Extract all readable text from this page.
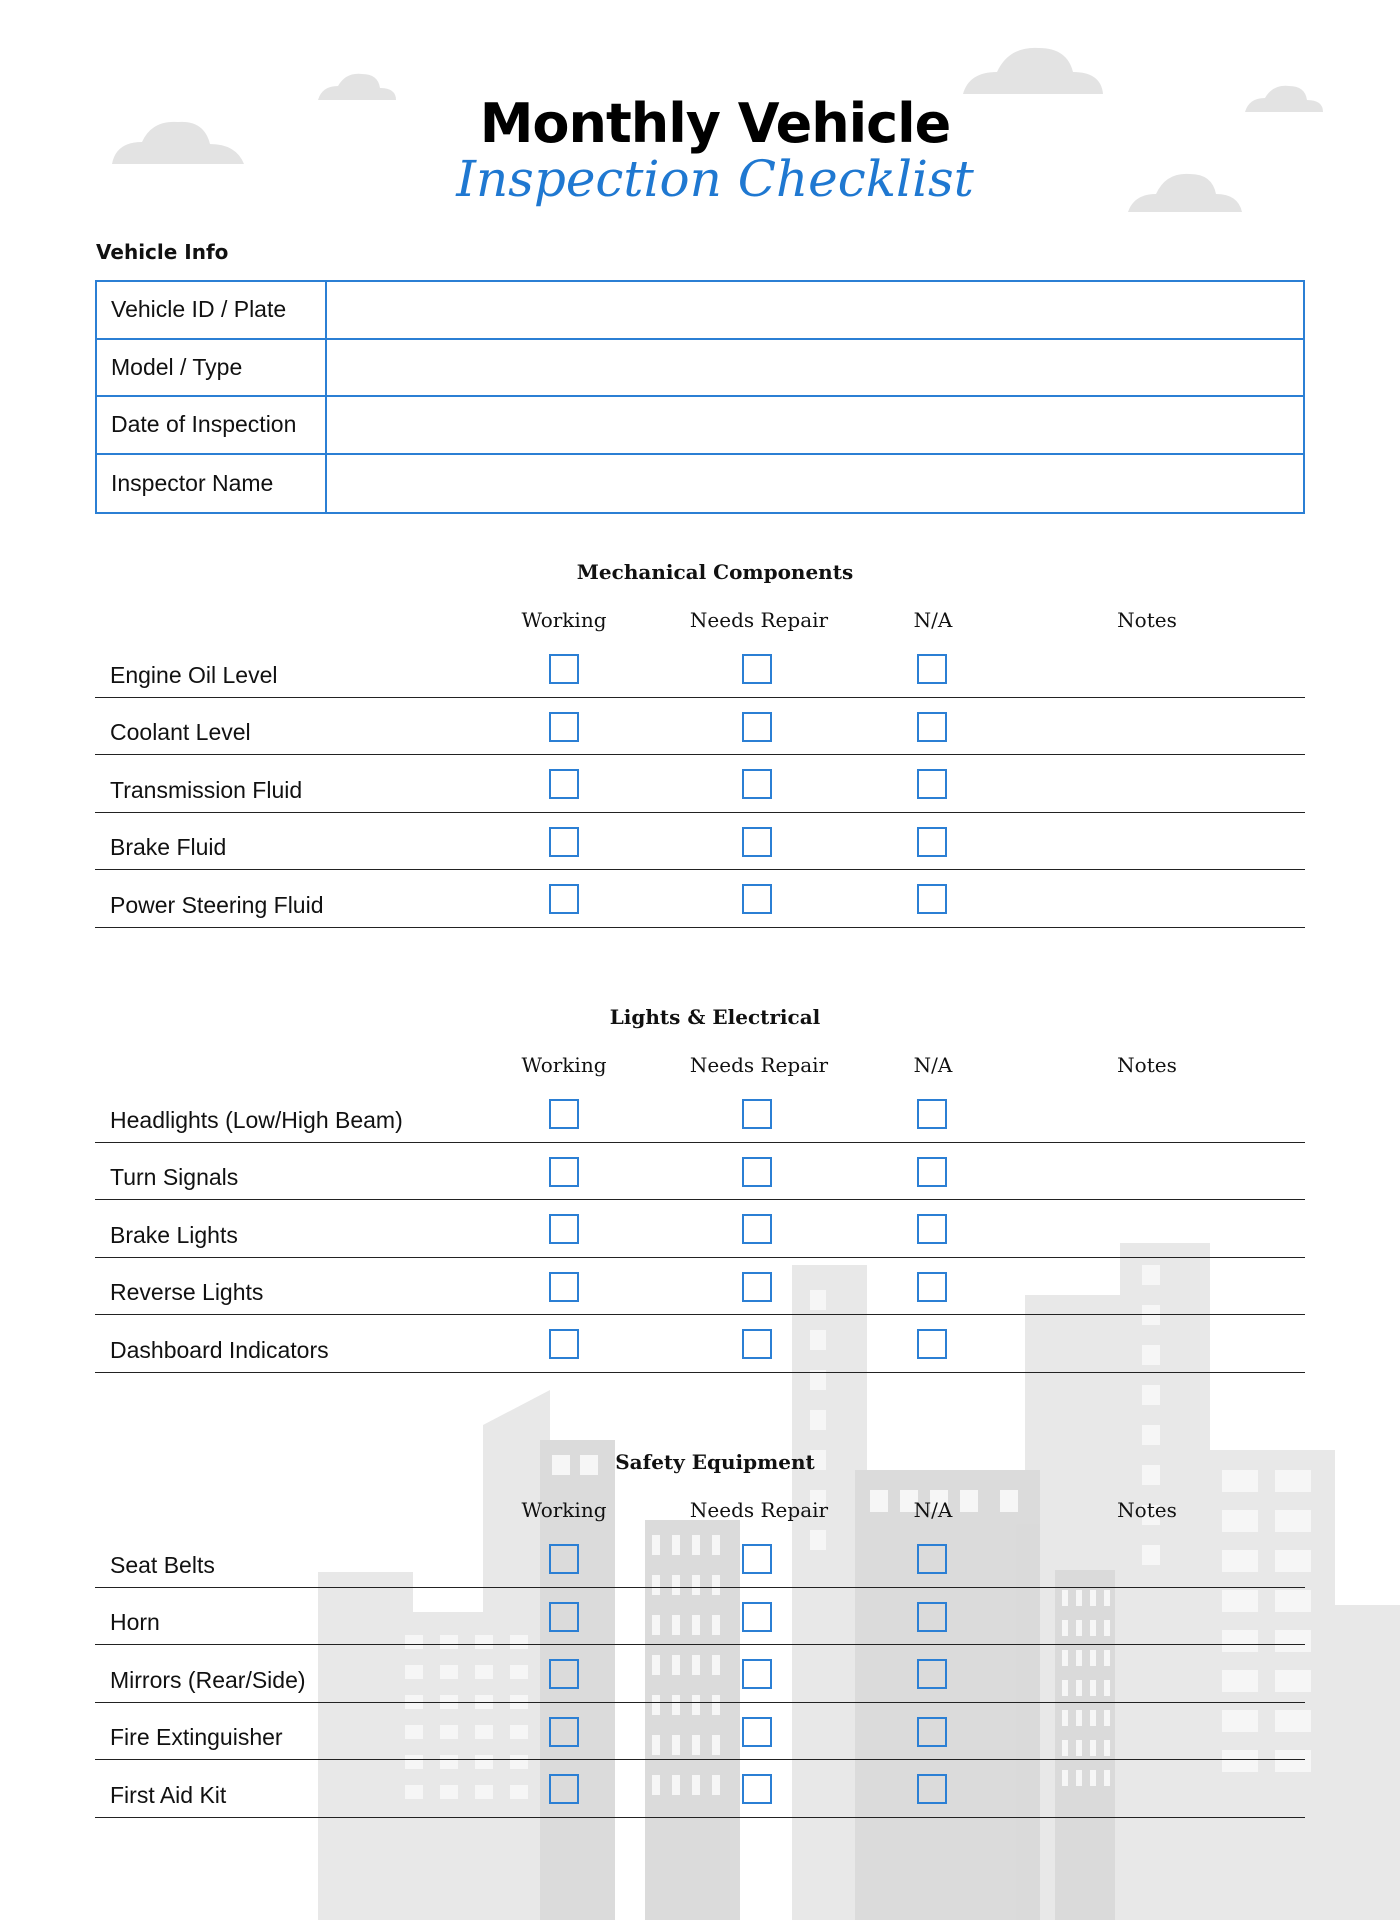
Monthly Vehicle
Inspection Checklist
Vehicle Info
Vehicle ID / Plate
Model / Type
Date of Inspection
Inspector Name
Mechanical Components
Working	Needs Repair	N/A	Notes
Engine Oil Level
Coolant Level
Transmission Fluid
Brake Fluid
Power Steering Fluid
Lights & Electrical
Working	Needs Repair	N/A	Notes
Headlights (Low/High Beam)
Turn Signals
Brake Lights
Reverse Lights
Dashboard Indicators
Safety Equipment
Working	Needs Repair	N/A	Notes
Seat Belts
Horn
Mirrors (Rear/Side)
Fire Extinguisher
First Aid Kit
